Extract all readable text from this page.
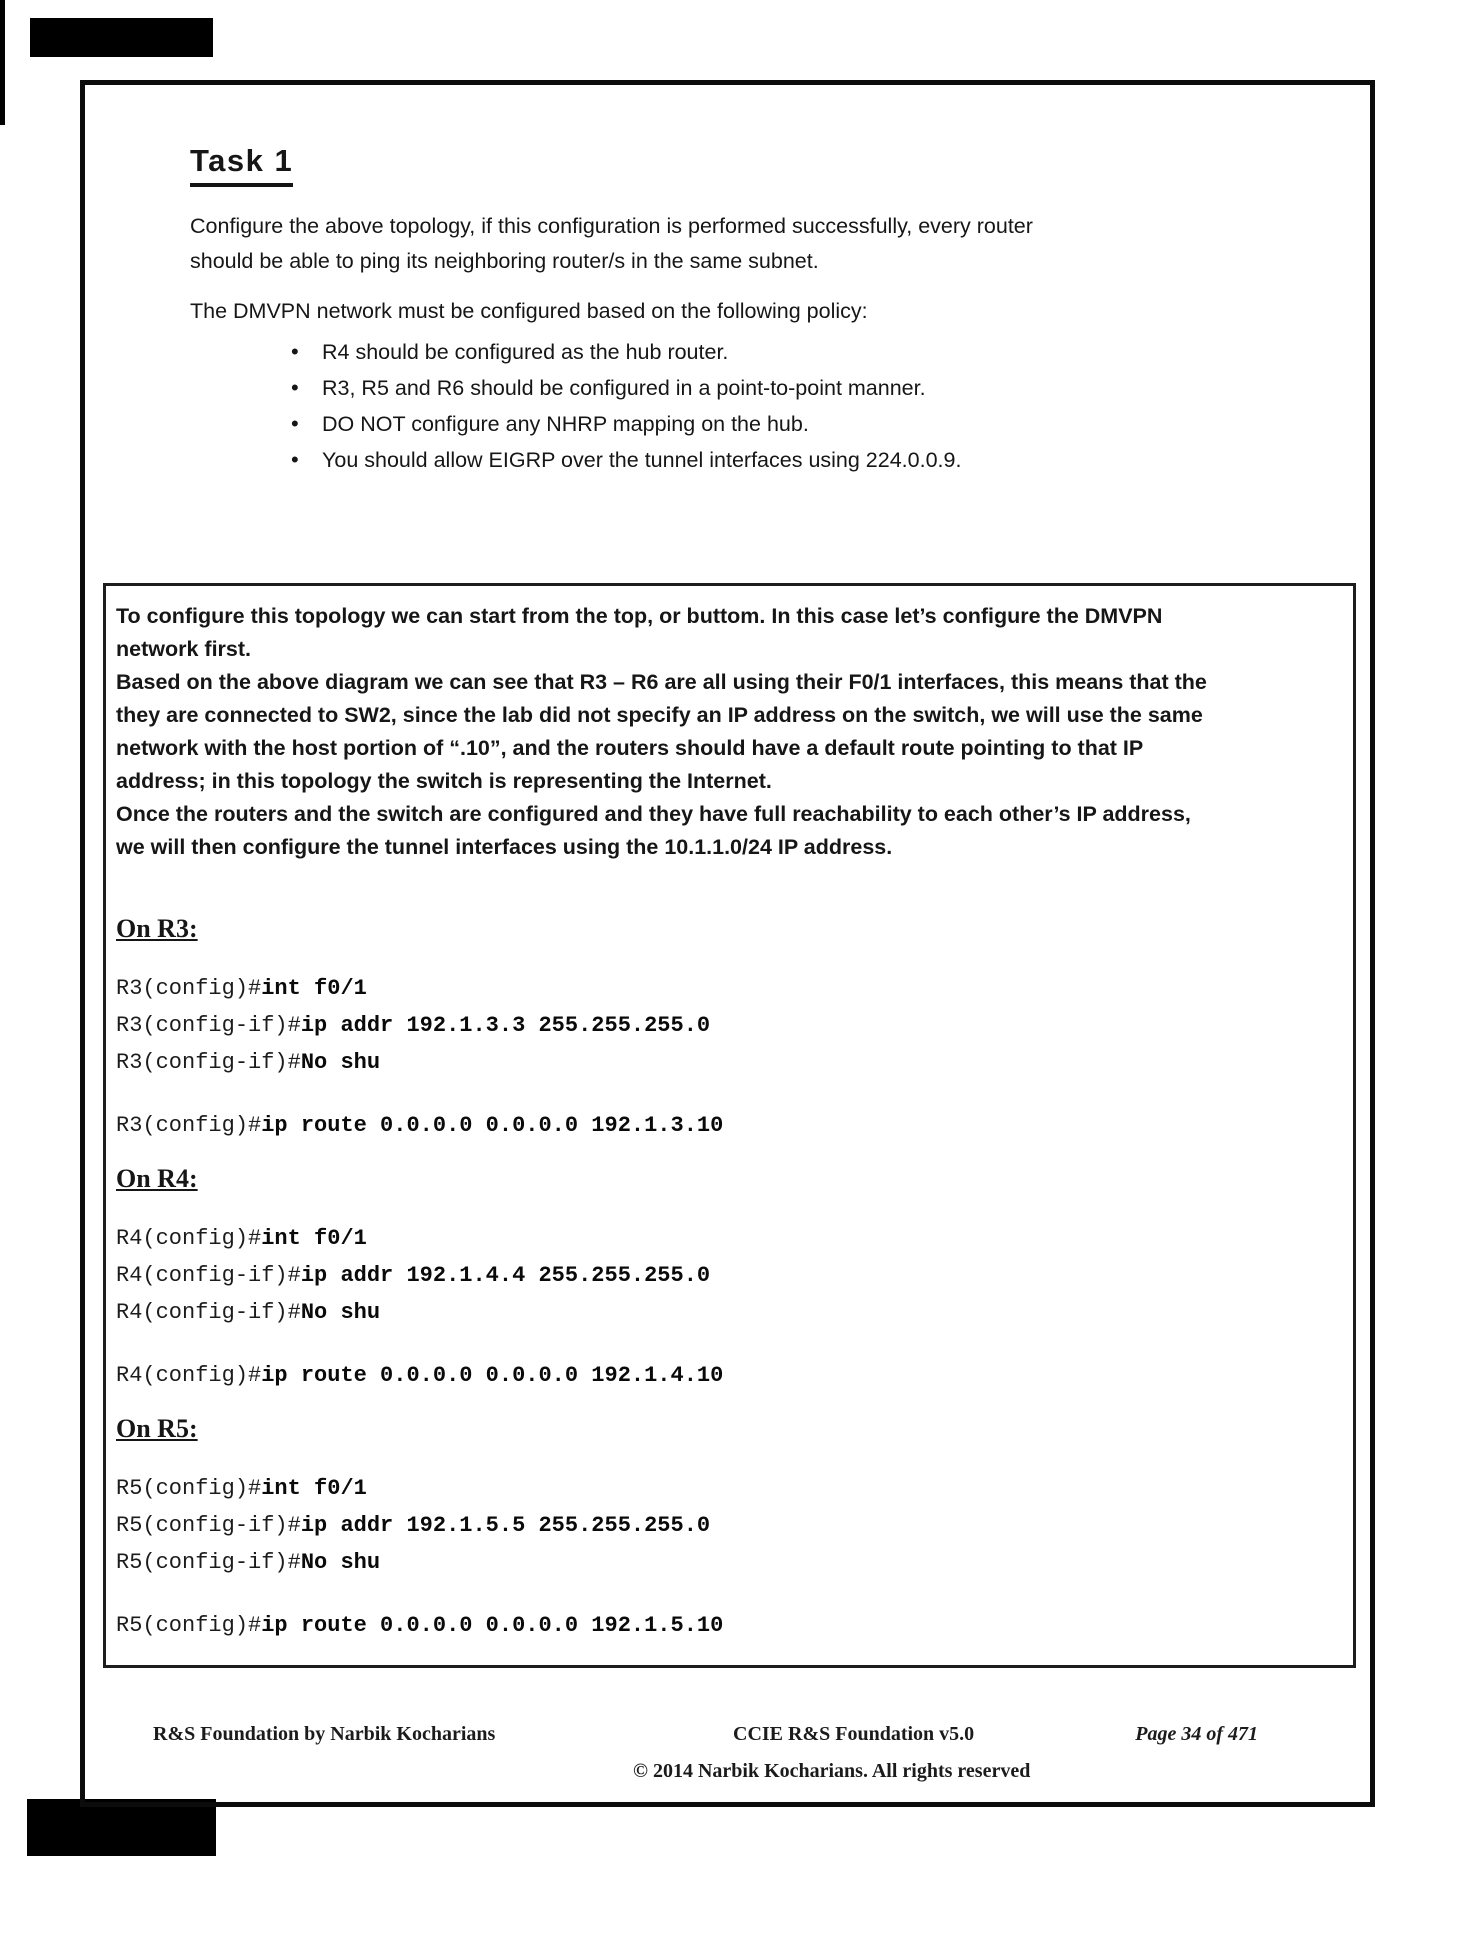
Task 1
Configure the above topology, if this configuration is performed successfully, every router
should be able to ping its neighboring router/s in the same subnet.

The DMVPN network must be configured based on the following policy:

• R4 should be configured as the hub router.
• R3, R5 and R6 should be configured in a point-to-point manner.
• DO NOT configure any NHRP mapping on the hub.
• You should allow EIGRP over the tunnel interfaces using 224.0.0.9.
To configure this topology we can start from the top, or buttom. In this case let’s configure the DMVPN
network first.
Based on the above diagram we can see that R3 – R6 are all using their F0/1 interfaces, this means that the
they are connected to SW2, since the lab did not specify an IP address on the switch, we will use the same
network with the host portion of “.10”, and the routers should have a default route pointing to that IP
address; in this topology the switch is representing the Internet.
Once the routers and the switch are configured and they have full reachability to each other’s IP address,
we will then configure the tunnel interfaces using the 10.1.1.0/24 IP address.
On R3:
R3(config)#int f0/1
R3(config-if)#ip addr 192.1.3.3 255.255.255.0
R3(config-if)#No shu
R3(config)#ip route 0.0.0.0 0.0.0.0 192.1.3.10
On R4:
R4(config)#int f0/1
R4(config-if)#ip addr 192.1.4.4 255.255.255.0
R4(config-if)#No shu
R4(config)#ip route 0.0.0.0 0.0.0.0 192.1.4.10
On R5:
R5(config)#int f0/1
R5(config-if)#ip addr 192.1.5.5 255.255.255.0
R5(config-if)#No shu
R5(config)#ip route 0.0.0.0 0.0.0.0 192.1.5.10
R&S Foundation by Narbik Kocharians	CCIE R&S Foundation v5.0	Page 34 of 471
© 2014 Narbik Kocharians. All rights reserved
